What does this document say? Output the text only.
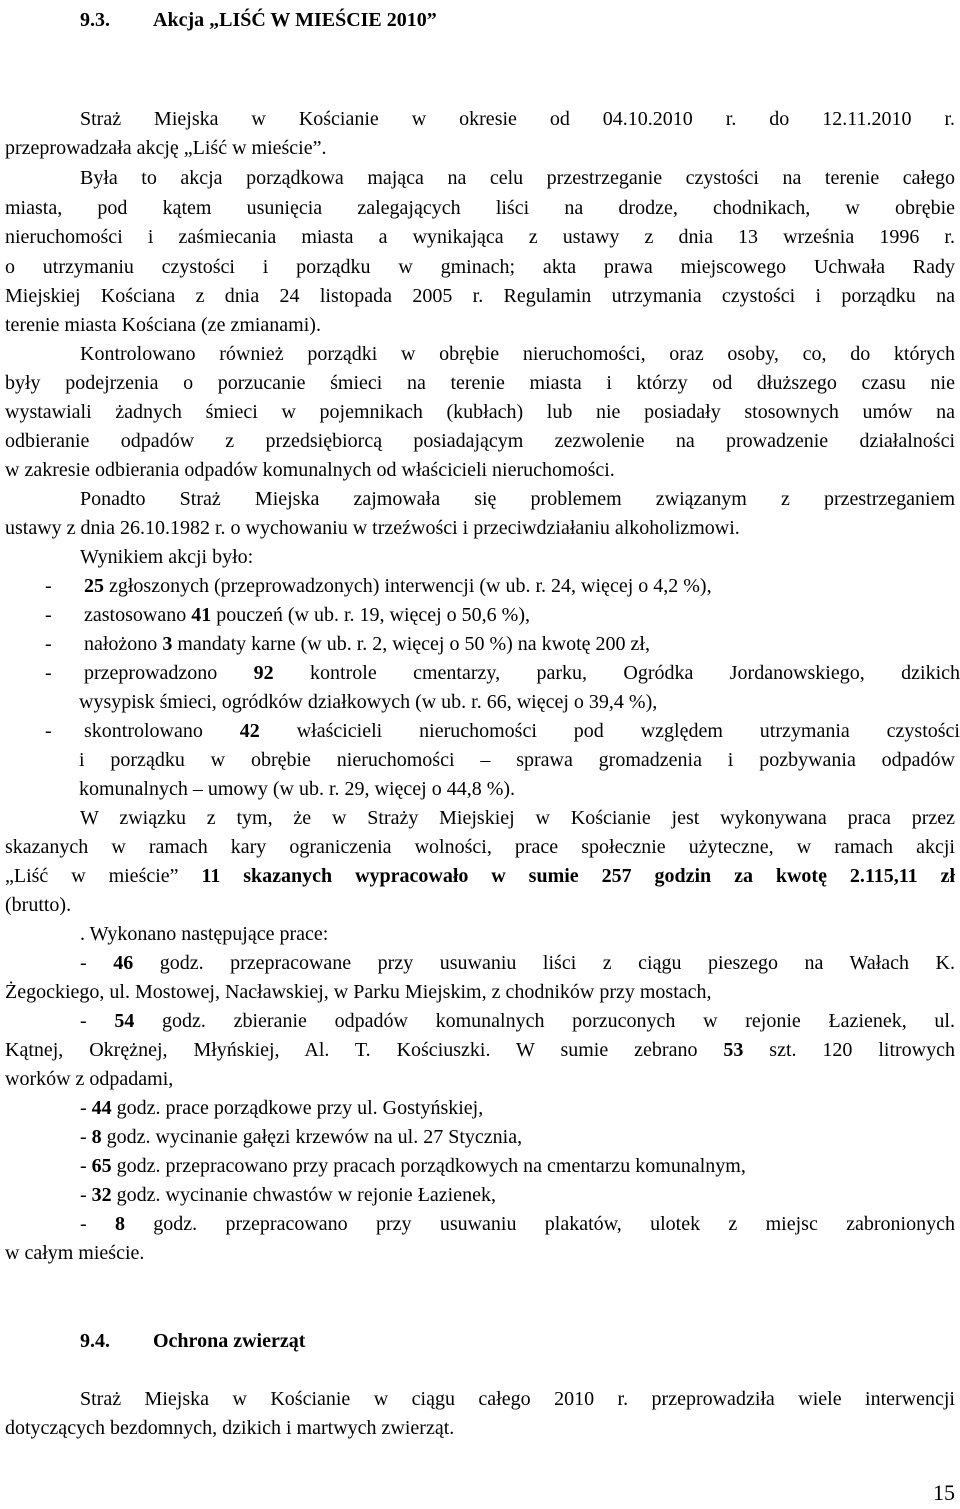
9.3. Akcja „LIŚĆ W MIEŚCIE 2010”
Straż Miejska w Kościanie w okresie od 04.10.2010 r. do 12.11.2010 r.
przeprowadzała akcję „Liść w mieście”.
Była to akcja porządkowa mająca na celu przestrzeganie czystości na terenie całego
miasta, pod kątem usunięcia zalegających liści na drodze, chodnikach, w obrębie
nieruchomości i zaśmiecania miasta a wynikająca z ustawy z dnia 13 września 1996 r.
o utrzymaniu czystości i porządku w gminach; akta prawa miejscowego Uchwała Rady
Miejskiej Kościana z dnia 24 listopada 2005 r. Regulamin utrzymania czystości i porządku na
terenie miasta Kościana (ze zmianami).
Kontrolowano również porządki w obrębie nieruchomości, oraz osoby, co, do których
były podejrzenia o porzucanie śmieci na terenie miasta i którzy od dłuższego czasu nie
wystawiali żadnych śmieci w pojemnikach (kubłach) lub nie posiadały stosownych umów na
odbieranie odpadów z przedsiębiorcą posiadającym zezwolenie na prowadzenie działalności
w zakresie odbierania odpadów komunalnych od właścicieli nieruchomości.
Ponadto Straż Miejska zajmowała się problemem związanym z przestrzeganiem
ustawy z dnia 26.10.1982 r. o wychowaniu w trzeźwości i przeciwdziałaniu alkoholizmowi.
Wynikiem akcji było:
- 25 zgłoszonych (przeprowadzonych) interwencji (w ub. r. 24, więcej o 4,2 %),
- zastosowano 41 pouczeń (w ub. r. 19, więcej o 50,6 %),
- nałożono 3 mandaty karne (w ub. r. 2, więcej o 50 %) na kwotę 200 zł,
- przeprowadzono 92 kontrole cmentarzy, parku, Ogródka Jordanowskiego, dzikich
wysypisk śmieci, ogródków działkowych (w ub. r. 66, więcej o 39,4 %),
- skontrolowano 42 właścicieli nieruchomości pod względem utrzymania czystości
i porządku w obrębie nieruchomości – sprawa gromadzenia i pozbywania odpadów
komunalnych – umowy (w ub. r. 29, więcej o 44,8 %).
W związku z tym, że w Straży Miejskiej w Kościanie jest wykonywana praca przez
skazanych w ramach kary ograniczenia wolności, prace społecznie użyteczne, w ramach akcji
„Liść w mieście” 11 skazanych wypracowało w sumie 257 godzin za kwotę 2.115,11 zł
(brutto).
. Wykonano następujące prace:
- 46 godz. przepracowane przy usuwaniu liści z ciągu pieszego na Wałach K.
Żegockiego, ul. Mostowej, Nacławskiej, w Parku Miejskim, z chodników przy mostach,
- 54 godz. zbieranie odpadów komunalnych porzuconych w rejonie Łazienek, ul.
Kątnej, Okrężnej, Młyńskiej, Al. T. Kościuszki. W sumie zebrano 53 szt. 120 litrowych
worków z odpadami,
- 44 godz. prace porządkowe przy ul. Gostyńskiej,
- 8 godz. wycinanie gałęzi krzewów na ul. 27 Stycznia,
- 65 godz. przepracowano przy pracach porządkowych na cmentarzu komunalnym,
- 32 godz. wycinanie chwastów w rejonie Łazienek,
- 8 godz. przepracowano przy usuwaniu plakatów, ulotek z miejsc zabronionych
w całym mieście.
9.4. Ochrona zwierząt
Straż Miejska w Kościanie w ciągu całego 2010 r. przeprowadziła wiele interwencji
dotyczących bezdomnych, dzikich i martwych zwierząt.
15
